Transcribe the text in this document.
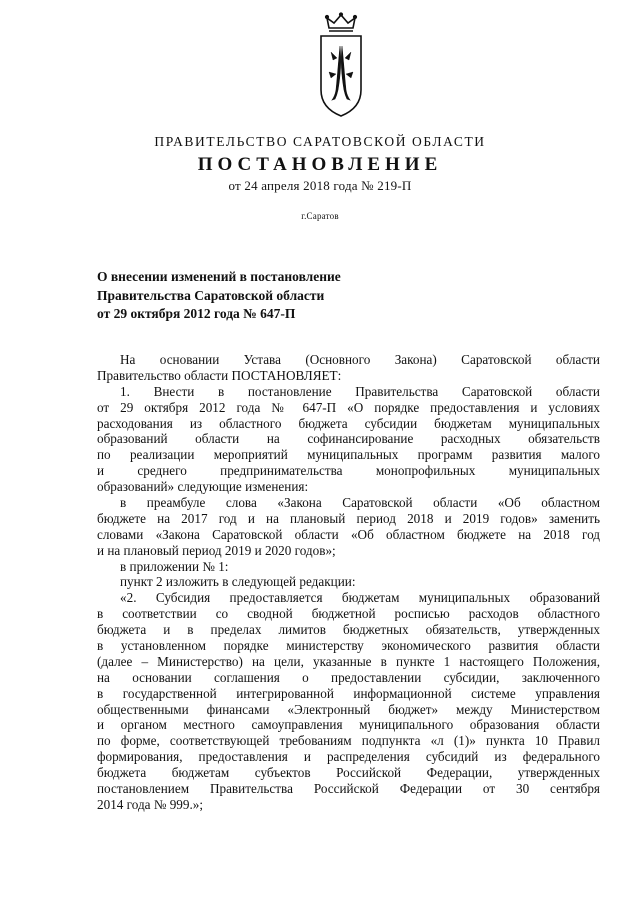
ПРАВИТЕЛЬСТВО САРАТОВСКОЙ ОБЛАСТИ
ПОСТАНОВЛЕНИЕ
от 24 апреля 2018 года № 219-П
г.Саратов
О внесении изменений в постановление
Правительства Саратовской области
от 29 октября 2012 года № 647-П
На основании Устава (Основного Закона) Саратовской области
Правительство области ПОСТАНОВЛЯЕТ:
1. Внести в постановление Правительства Саратовской области
от 29 октября 2012 года № 647-П «О порядке предоставления и условиях
расходования из областного бюджета субсидии бюджетам муниципальных
образований области на софинансирование расходных обязательств
по реализации мероприятий муниципальных программ развития малого
и среднего предпринимательства монопрофильных муниципальных
образований» следующие изменения:
в преамбуле слова «Закона Саратовской области «Об областном
бюджете на 2017 год и на плановый период 2018 и 2019 годов» заменить
словами «Закона Саратовской области «Об областном бюджете на 2018 год
и на плановый период 2019 и 2020 годов»;
в приложении № 1:
пункт 2 изложить в следующей редакции:
«2. Субсидия предоставляется бюджетам муниципальных образований
в соответствии со сводной бюджетной росписью расходов областного
бюджета и в пределах лимитов бюджетных обязательств, утвержденных
в установленном порядке министерству экономического развития области
(далее – Министерство) на цели, указанные в пункте 1 настоящего Положения,
на основании соглашения о предоставлении субсидии, заключенного
в государственной интегрированной информационной системе управления
общественными финансами «Электронный бюджет» между Министерством
и органом местного самоуправления муниципального образования области
по форме, соответствующей требованиям подпункта «л (1)» пункта 10 Правил
формирования, предоставления и распределения субсидий из федерального
бюджета бюджетам субъектов Российской Федерации, утвержденных
постановлением Правительства Российской Федерации от 30 сентября
2014 года № 999.»;
